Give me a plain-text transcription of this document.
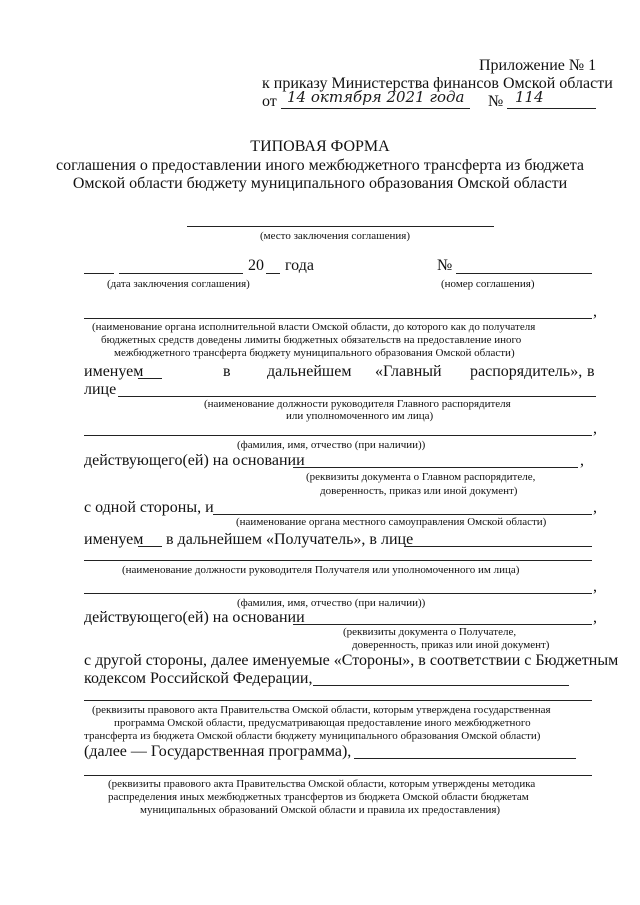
Приложение № 1
к приказу Министерства финансов Омской области
от 14 октября 2021 года № 114
ТИПОВАЯ ФОРМА
соглашения о предоставлении иного межбюджетного трансферта из бюджета
Омской области бюджету муниципального образования Омской области
(место заключения соглашения)
20 года	№
(дата заключения соглашения)	(номер соглашения)
,
(наименование органа исполнительной власти Омской области, до которого как до получателя
бюджетных средств доведены лимиты бюджетных обязательств на предоставление иного
межбюджетного трансферта бюджету муниципального образования Омской области)
именуем	в дальнейшем «Главный распорядитель», в
лице
(наименование должности руководителя Главного распорядителя
или уполномоченного им лица)
,
(фамилия, имя, отчество (при наличии))
действующего(ей) на основании	,
(реквизиты документа о Главном распорядителе,
доверенность, приказ или иной документ)
с одной стороны, и	,
(наименование органа местного самоуправления Омской области)
именуем в дальнейшем «Получатель», в лице
(наименование должности руководителя Получателя или уполномоченного им лица)
,
(фамилия, имя, отчество (при наличии))
действующего(ей) на основании	,
(реквизиты документа о Получателе,
доверенность, приказ или иной документ)
с другой стороны, далее именуемые «Стороны», в соответствии с Бюджетным
кодексом Российской Федерации,
(реквизиты правового акта Правительства Омской области, которым утверждена государственная
программа Омской области, предусматривающая предоставление иного межбюджетного
трансферта из бюджета Омской области бюджету муниципального образования Омской области)
(далее — Государственная программа),
(реквизиты правового акта Правительства Омской области, которым утверждены методика
распределения иных межбюджетных трансфертов из бюджета Омской области бюджетам
муниципальных образований Омской области и правила их предоставления)
